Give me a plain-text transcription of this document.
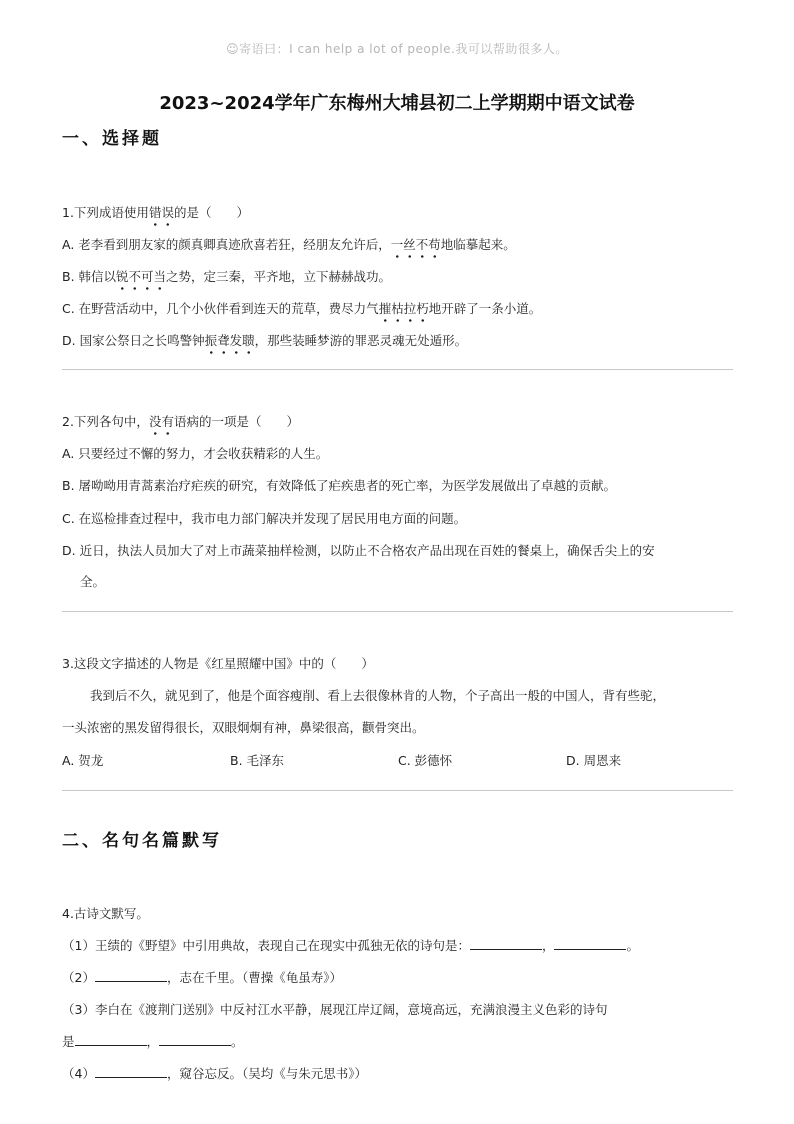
☺寄语曰：I can help a lot of people.我可以帮助很多人。
2023~2024学年广东梅州大埔县初二上学期期中语文试卷
一、选择题
1.下列成语使用错误的是（　　）
A. 老李看到朋友家的颜真卿真迹欣喜若狂，经朋友允许后，一丝不苟地临摹起来。
B. 韩信以锐不可当之势，定三秦，平齐地，立下赫赫战功。
C. 在野营活动中，几个小伙伴看到连天的荒草，费尽力气摧枯拉朽地开辟了一条小道。
D. 国家公祭日之长鸣警钟振聋发聩，那些装睡梦游的罪恶灵魂无处遁形。
2.下列各句中，没有语病的一项是（　　）
A. 只要经过不懈的努力，才会收获精彩的人生。
B. 屠呦呦用青蒿素治疗疟疾的研究，有效降低了疟疾患者的死亡率，为医学发展做出了卓越的贡献。
C. 在巡检排查过程中，我市电力部门解决并发现了居民用电方面的问题。
D. 近日，执法人员加大了对上市蔬菜抽样检测，以防止不合格农产品出现在百姓的餐桌上，确保舌尖上的安
全。
3.这段文字描述的人物是《红星照耀中国》中的（　　）
我到后不久，就见到了，他是个面容瘦削、看上去很像林肯的人物，个子高出一般的中国人，背有些驼，
一头浓密的黑发留得很长，双眼炯炯有神，鼻梁很高，颧骨突出。
A. 贺龙	B. 毛泽东	C. 彭德怀	D. 周恩来
二、名句名篇默写
4.古诗文默写。
（1）王绩的《野望》中引用典故，表现自己在现实中孤独无依的诗句是：	，	。
（2）	，志在千里。（曹操《龟虽寿》）
（3）李白在《渡荆门送别》中反衬江水平静，展现江岸辽阔，意境高远，充满浪漫主义色彩的诗句
是	，	。
（4）	，窥谷忘反。（吴均《与朱元思书》）
